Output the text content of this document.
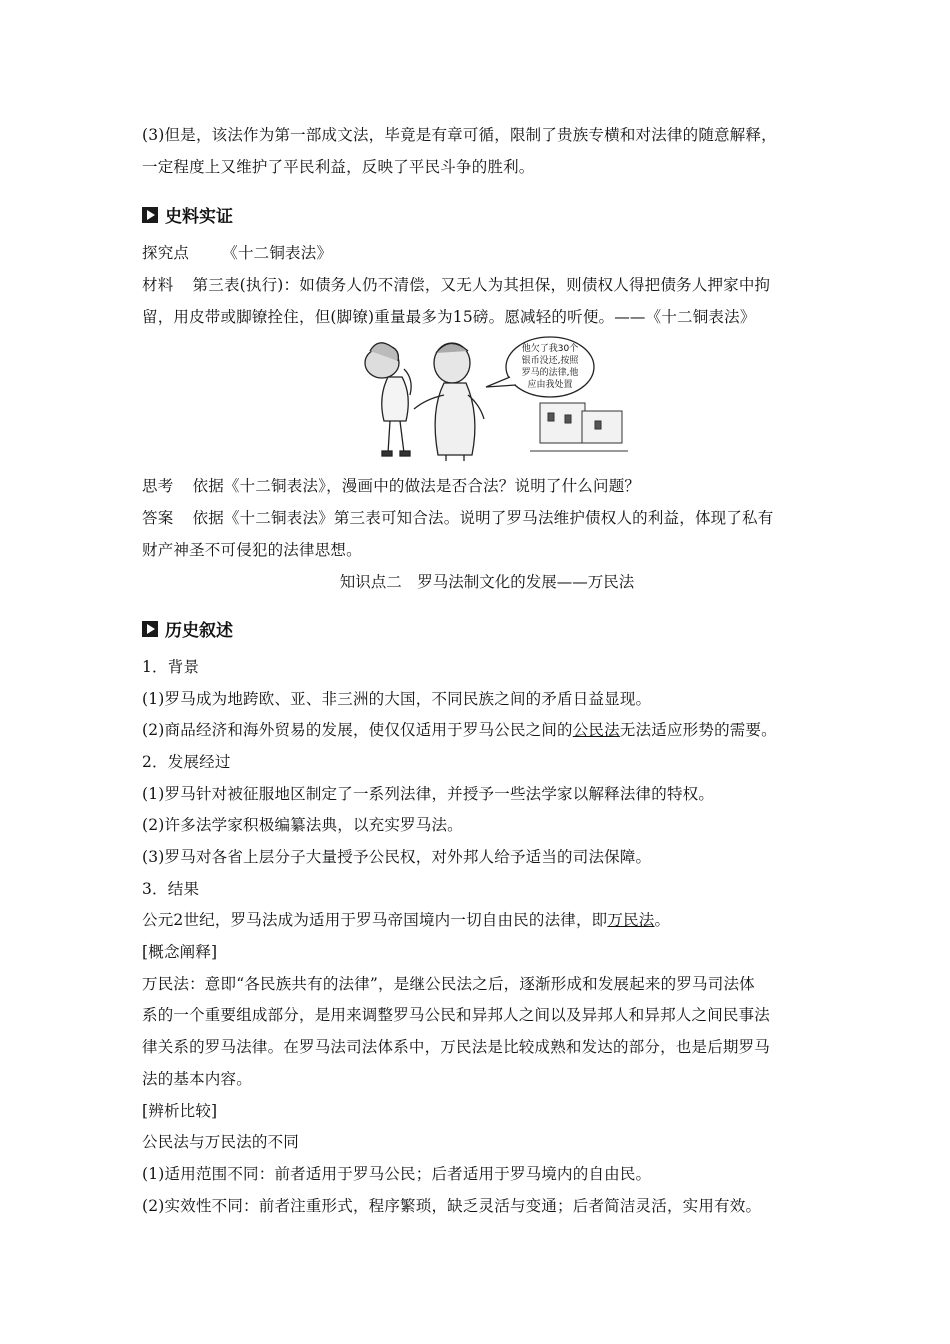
(3)但是，该法作为第一部成文法，毕竟是有章可循，限制了贵族专横和对法律的随意解释，
一定程度上又维护了平民利益，反映了平民斗争的胜利。
史料实证
探究点 《十二铜表法》
材料 第三表(执行)：如债务人仍不清偿，又无人为其担保，则债权人得把债务人押家中拘
留，用皮带或脚镣拴住，但(脚镣)重量最多为15磅。愿减轻的听便。——《十二铜表法》
他欠了我30个
银币没还,按照
罗马的法律,他
应由我处置
思考 依据《十二铜表法》，漫画中的做法是否合法？说明了什么问题？
答案 依据《十二铜表法》第三表可知合法。说明了罗马法维护债权人的利益，体现了私有
财产神圣不可侵犯的法律思想。
知识点二　罗马法制文化的发展——万民法
历史叙述
1．背景
(1)罗马成为地跨欧、亚、非三洲的大国，不同民族之间的矛盾日益显现。
(2)商品经济和海外贸易的发展，使仅仅适用于罗马公民之间的公民法无法适应形势的需要。
2．发展经过
(1)罗马针对被征服地区制定了一系列法律，并授予一些法学家以解释法律的特权。
(2)许多法学家积极编纂法典，以充实罗马法。
(3)罗马对各省上层分子大量授予公民权，对外邦人给予适当的司法保障。
3．结果
公元2世纪，罗马法成为适用于罗马帝国境内一切自由民的法律，即万民法。
[概念阐释]
万民法：意即“各民族共有的法律”，是继公民法之后，逐渐形成和发展起来的罗马司法体
系的一个重要组成部分，是用来调整罗马公民和异邦人之间以及异邦人和异邦人之间民事法
律关系的罗马法律。在罗马法司法体系中，万民法是比较成熟和发达的部分，也是后期罗马
法的基本内容。
[辨析比较]
公民法与万民法的不同
(1)适用范围不同：前者适用于罗马公民；后者适用于罗马境内的自由民。
(2)实效性不同：前者注重形式，程序繁琐，缺乏灵活与变通；后者简洁灵活，实用有效。
